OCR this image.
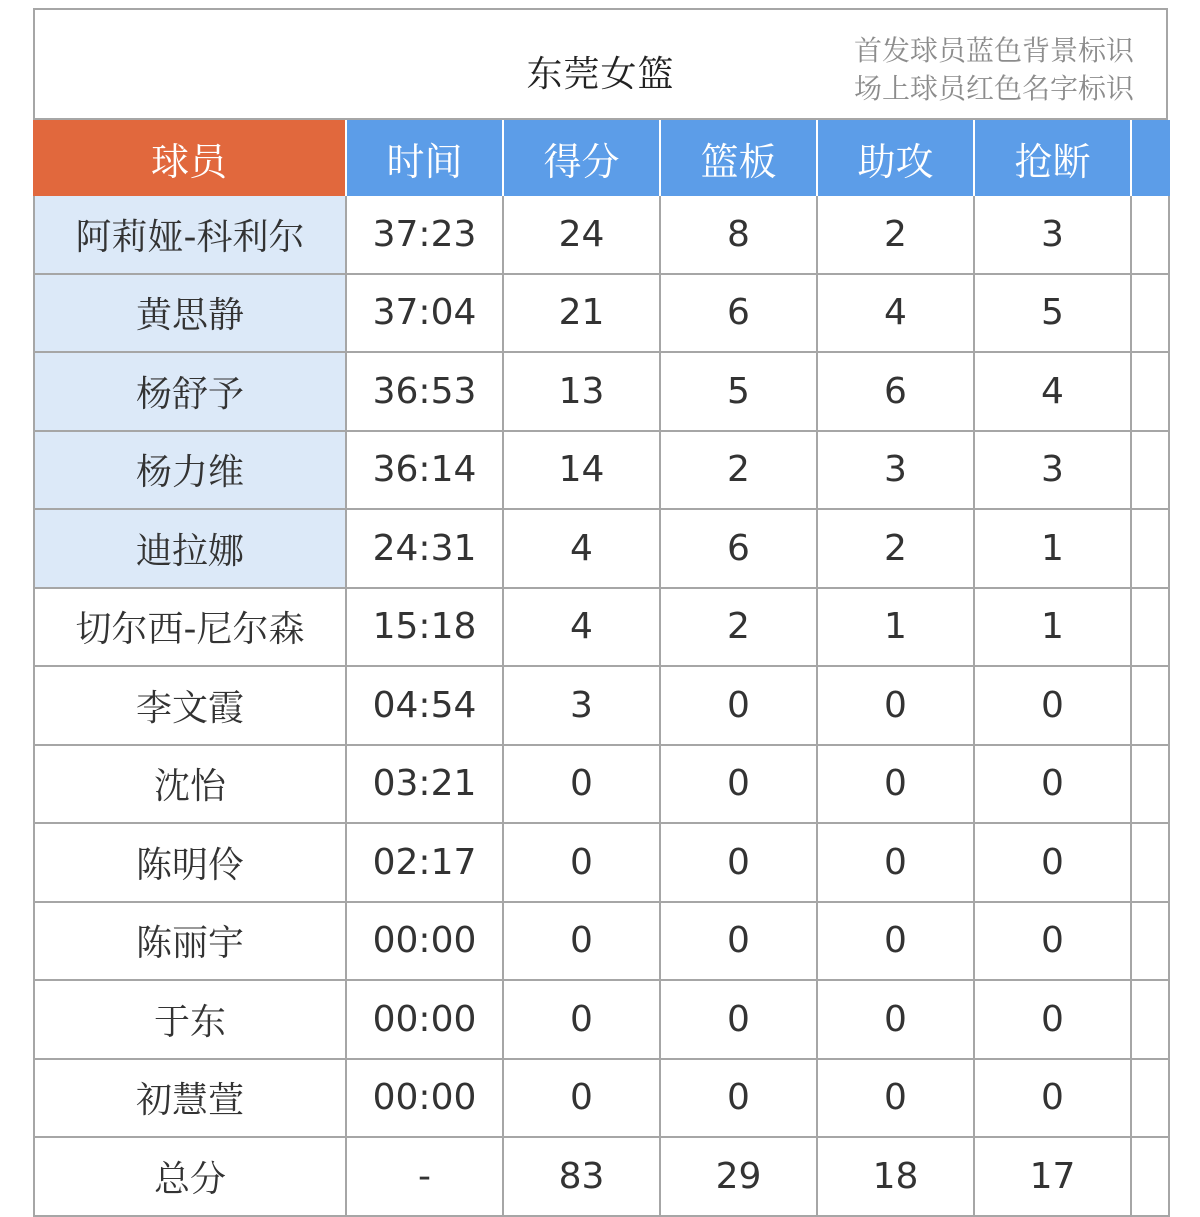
东莞女篮
首发球员蓝色背景标识
场上球员红色名字标识
球员	时间	得分	篮板	助攻	抢断
阿莉娅-科利尔	37:23	24	8	2	3
黄思静	37:04	21	6	4	5
杨舒予	36:53	13	5	6	4
杨力维	36:14	14	2	3	3
迪拉娜	24:31	4	6	2	1
切尔西-尼尔森	15:18	4	2	1	1
李文霞	04:54	3	0	0	0
沈怡	03:21	0	0	0	0
陈明伶	02:17	0	0	0	0
陈丽宇	00:00	0	0	0	0
于东	00:00	0	0	0	0
初慧萱	00:00	0	0	0	0
总分	-	83	29	18	17
